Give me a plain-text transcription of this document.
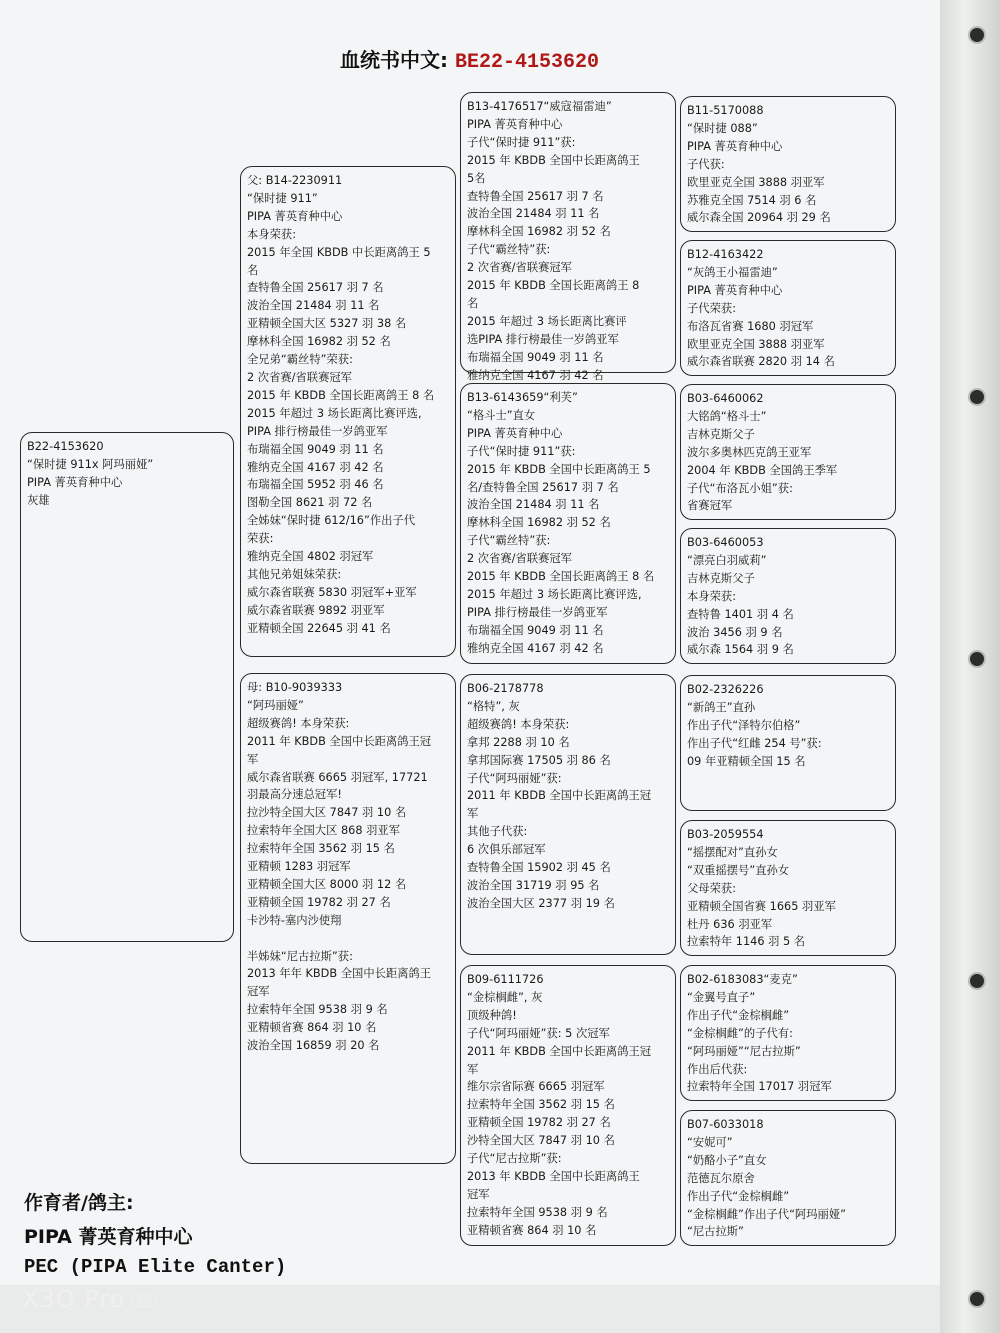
血统书中文: BE22-4153620
B22-4153620
“保时捷 911x 阿玛丽娅”
PIPA 菁英育种中心
灰雄
父: B14-2230911
“保时捷 911”
PIPA 菁英育种中心
本身荣获:
2015 年全国 KBDB 中长距离鸽王 5
名
查特鲁全国 25617 羽 7 名
波治全国 21484 羽 11 名
亚精顿全国大区 5327 羽 38 名
摩林科全国 16982 羽 52 名
全兄弟“霸丝特”荣获:
2 次省赛/省联赛冠军
2015 年 KBDB 全国长距离鸽王 8 名
2015 年超过 3 场长距离比赛评选,
PIPA 排行榜最佳一岁鸽亚军
布瑞福全国 9049 羽 11 名
雅纳克全国 4167 羽 42 名
布瑞福全国 5952 羽 46 名
图勒全国 8621 羽 72 名
全姊妹“保时捷 612/16”作出子代
荣获:
雅纳克全国 4802 羽冠军
其他兄弟姐妹荣获:
威尔森省联赛 5830 羽冠军+亚军
威尔森省联赛 9892 羽亚军
亚精顿全国 22645 羽 41 名
母: B10-9039333
“阿玛丽娅”
超级赛鸽! 本身荣获:
2011 年 KBDB 全国中长距离鸽王冠
军
威尔森省联赛 6665 羽冠军, 17721
羽最高分速总冠军!
拉沙特全国大区 7847 羽 10 名
拉索特年全国大区 868 羽亚军
拉索特年全国 3562 羽 15 名
亚精顿 1283 羽冠军
亚精顿全国大区 8000 羽 12 名
亚精顿全国 19782 羽 27 名
卡沙特-塞内沙使翔
半姊妹“尼古拉斯”获:
2013 年年 KBDB 全国中长距离鸽王
冠军
拉索特年全国 9538 羽 9 名
亚精顿省赛 864 羽 10 名
波治全国 16859 羽 20 名
B13-4176517“威寇福雷迪”
PIPA 菁英育种中心
子代“保时捷 911”获:
2015 年 KBDB 全国中长距离鸽王
5名
查特鲁全国 25617 羽 7 名
波治全国 21484 羽 11 名
摩林科全国 16982 羽 52 名
子代“霸丝特”获:
2 次省赛/省联赛冠军
2015 年 KBDB 全国长距离鸽王 8
名
2015 年超过 3 场长距离比赛评
选PIPA 排行榜最佳一岁鸽亚军
布瑞福全国 9049 羽 11 名
雅纳克全国 4167 羽 42 名
B13-6143659“利芙”
“格斗士”直女
PIPA 菁英育种中心
子代“保时捷 911”获:
2015 年 KBDB 全国中长距离鸽王 5
名/查特鲁全国 25617 羽 7 名
波治全国 21484 羽 11 名
摩林科全国 16982 羽 52 名
子代“霸丝特”获:
2 次省赛/省联赛冠军
2015 年 KBDB 全国长距离鸽王 8 名
2015 年超过 3 场长距离比赛评选,
PIPA 排行榜最佳一岁鸽亚军
布瑞福全国 9049 羽 11 名
雅纳克全国 4167 羽 42 名
B06-2178778
“格特”, 灰
超级赛鸽! 本身荣获:
拿邦 2288 羽 10 名
拿邦国际赛 17505 羽 86 名
子代“阿玛丽娅”获:
2011 年 KBDB 全国中长距离鸽王冠
军
其他子代获:
6 次俱乐部冠军
查特鲁全国 15902 羽 45 名
波治全国 31719 羽 95 名
波治全国大区 2377 羽 19 名
B09-6111726
“金棕榈雌”, 灰
顶级种鸽!
子代“阿玛丽娅”获: 5 次冠军
2011 年 KBDB 全国中长距离鸽王冠
军
维尔宗省际赛 6665 羽冠军
拉索特年全国 3562 羽 15 名
亚精顿全国 19782 羽 27 名
沙特全国大区 7847 羽 10 名
子代“尼古拉斯”获:
2013 年 KBDB 全国中长距离鸽王
冠军
拉索特年全国 9538 羽 9 名
亚精顿省赛 864 羽 10 名
B11-5170088
“保时捷 088”
PIPA 菁英育种中心
子代获:
欧里亚克全国 3888 羽亚军
苏雅克全国 7514 羽 6 名
威尔森全国 20964 羽 29 名
B12-4163422
“灰鸽王小福雷迪”
PIPA 菁英育种中心
子代荣获:
布洛瓦省赛 1680 羽冠军
欧里亚克全国 3888 羽亚军
威尔森省联赛 2820 羽 14 名
B03-6460062
大铭鸽“格斗士”
吉林克斯父子
波尔多奥林匹克鸽王亚军
2004 年 KBDB 全国鸽王季军
子代“布洛瓦小姐”获:
省赛冠军
B03-6460053
“漂亮白羽威莉”
吉林克斯父子
本身荣获:
查特鲁 1401 羽 4 名
波治 3456 羽 9 名
威尔森 1564 羽 9 名
B02-2326226
“新鸽王”直孙
作出子代“泽特尔伯格”
作出子代“红雌 254 号”获:
09 年亚精顿全国 15 名
B03-2059554
“摇摆配对”直孙女
“双重摇摆号”直孙女
父母荣获:
亚精顿全国省赛 1665 羽亚军
杜丹 636 羽亚军
拉索特年 1146 羽 5 名
B02-6183083“麦克”
“金翼号直子”
作出子代“金棕榈雌”
“金棕榈雌”的子代有:
“阿玛丽娅”“尼古拉斯”
作出后代获:
拉索特年全国 17017 羽冠军
B07-6033018
“安妮可”
“奶酪小子”直女
范德瓦尔原舍
作出子代“金棕榈雌”
“金棕榈雌”作出子代“阿玛丽娅”
“尼古拉斯”
作育者/鸽主:
PIPA 菁英育种中心
PEC (PIPA Elite Canter)
X3O Pro 5G
